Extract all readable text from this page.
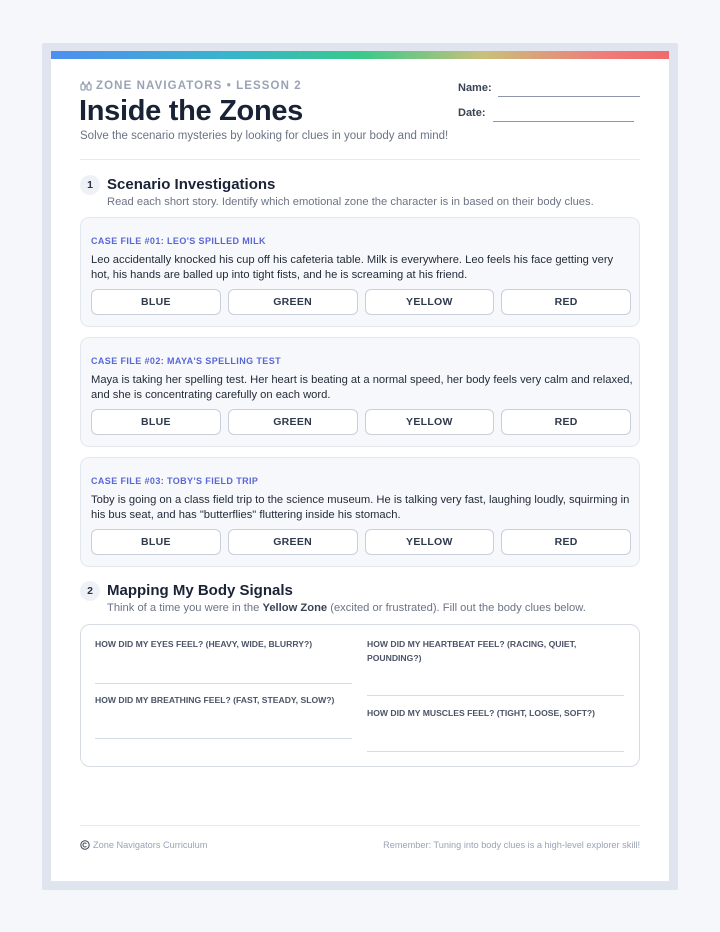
ZONE NAVIGATORS • LESSON 2
Inside the Zones
Solve the scenario mysteries by looking for clues in your body and mind!
Name:
Date:
1 Scenario Investigations
Read each short story. Identify which emotional zone the character is in based on their body clues.
CASE FILE #01: LEO'S SPILLED MILK
Leo accidentally knocked his cup off his cafeteria table. Milk is everywhere. Leo feels his face getting very hot, his hands are balled up into tight fists, and he is screaming at his friend.
BLUE	GREEN	YELLOW	RED
CASE FILE #02: MAYA'S SPELLING TEST
Maya is taking her spelling test. Her heart is beating at a normal speed, her body feels very calm and relaxed, and she is concentrating carefully on each word.
BLUE	GREEN	YELLOW	RED
CASE FILE #03: TOBY'S FIELD TRIP
Toby is going on a class field trip to the science museum. He is talking very fast, laughing loudly, squirming in his bus seat, and has "butterflies" fluttering inside his stomach.
BLUE	GREEN	YELLOW	RED
2 Mapping My Body Signals
Think of a time you were in the Yellow Zone (excited or frustrated). Fill out the body clues below.
HOW DID MY EYES FEEL? (HEAVY, WIDE, BLURRY?)
HOW DID MY BREATHING FEEL? (FAST, STEADY, SLOW?)
HOW DID MY HEARTBEAT FEEL? (RACING, QUIET, POUNDING?)
HOW DID MY MUSCLES FEEL? (TIGHT, LOOSE, SOFT?)
Zone Navigators Curriculum	Remember: Tuning into body clues is a high-level explorer skill!
